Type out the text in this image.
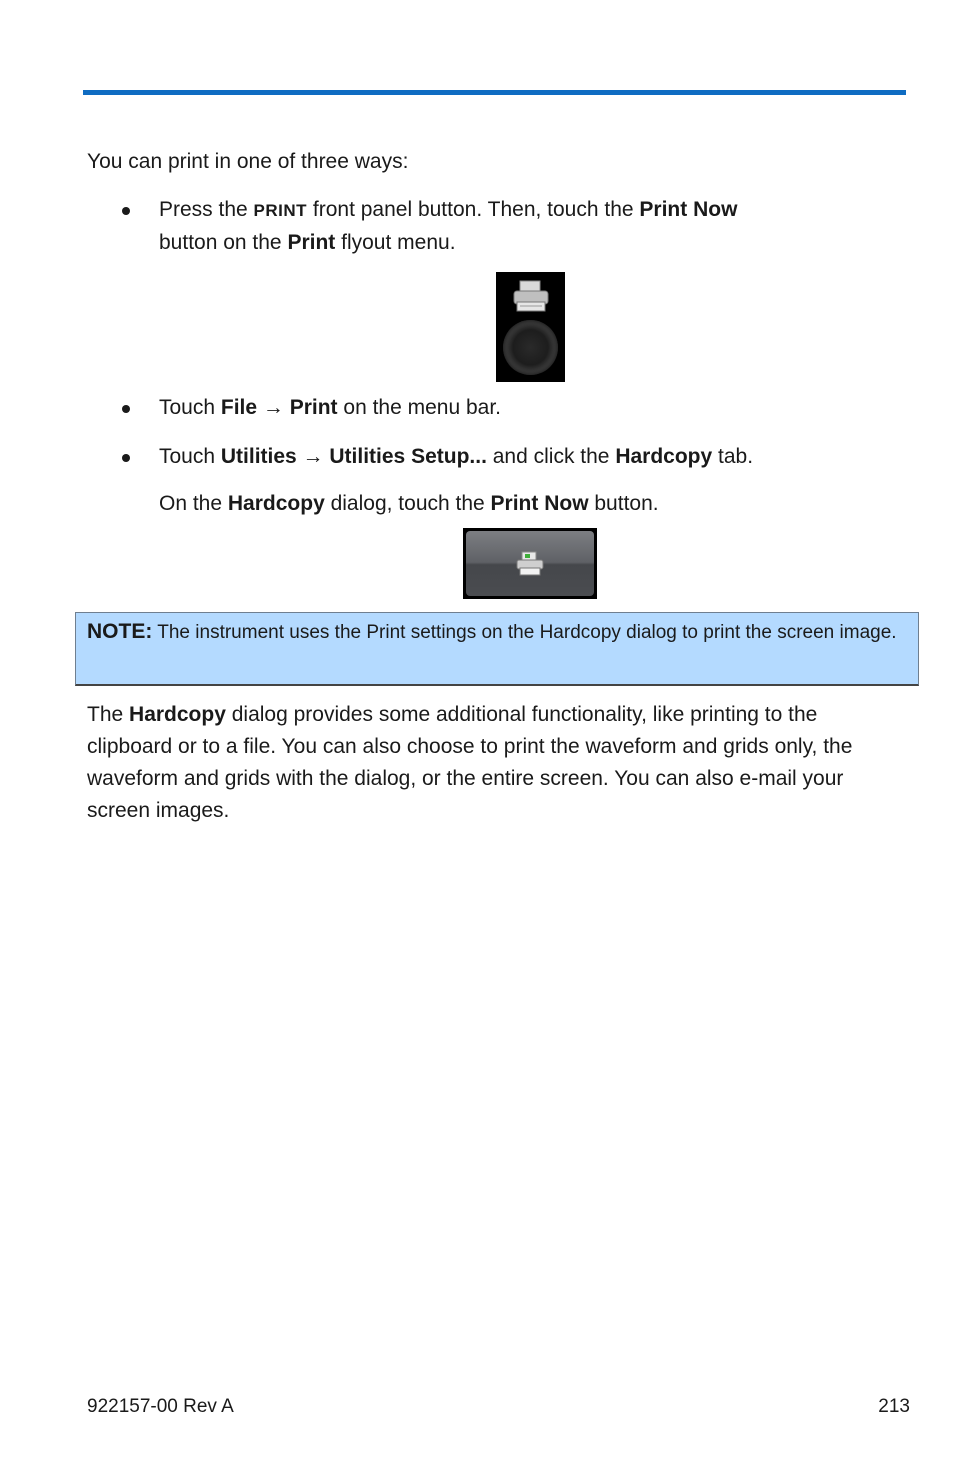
You can print in one of three ways:

Press the PRINT front panel button. Then, touch the Print Now
button on the Print flyout menu.
Touch File → Print on the menu bar.
Touch Utilities → Utilities Setup... and click the Hardcopy tab.

On the Hardcopy dialog, touch the Print Now button.

NOTE: The instrument uses the Print settings on the Hardcopy dialog to print the screen image.

The Hardcopy dialog provides some additional functionality, like printing to the clipboard or to a file. You can also choose to print the waveform and grids only, the waveform and grids with the dialog, or the entire screen. You can also e-mail your screen images.

922157-00 Rev A	213
